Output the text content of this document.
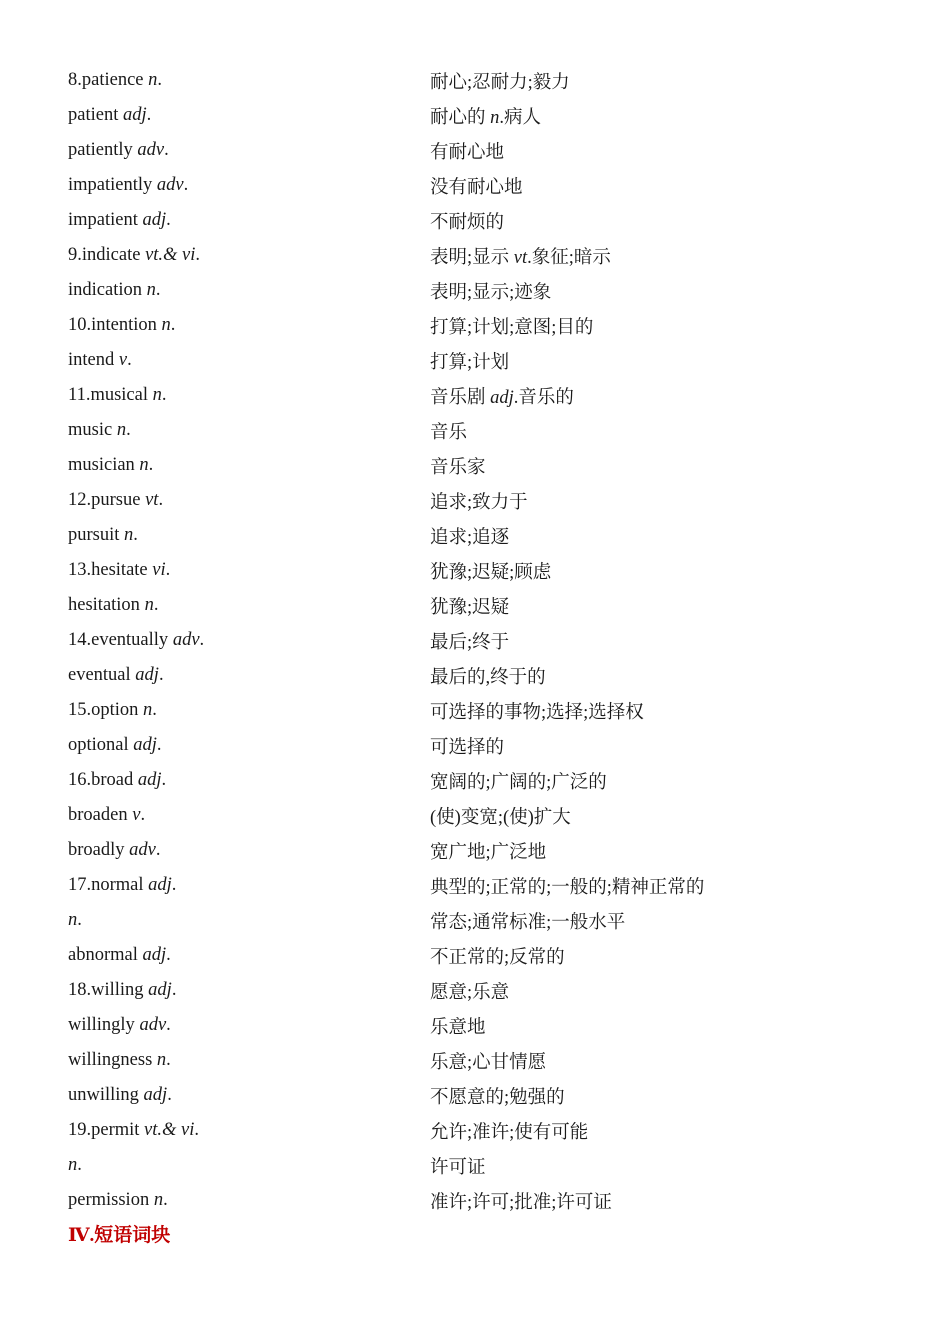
8.patience n.	耐心;忍耐力;毅力
patient adj.	耐心的 n.病人
patiently adv.	有耐心地
impatiently adv.	没有耐心地
impatient adj.	不耐烦的
9.indicate vt.& vi.	表明;显示 vt.象征;暗示
indication n.	表明;显示;迹象
10.intention n.	打算;计划;意图;目的
intend v.	打算;计划
11.musical n.	音乐剧 adj.音乐的
music n.	音乐
musician n.	音乐家
12.pursue vt.	追求;致力于
pursuit n.	追求;追逐
13.hesitate vi.	犹豫;迟疑;顾虑
hesitation n.	犹豫;迟疑
14.eventually adv.	最后;终于
eventual adj.	最后的,终于的
15.option n.	可选择的事物;选择;选择权
optional adj.	可选择的
16.broad adj.	宽阔的;广阔的;广泛的
broaden v.	(使)变宽;(使)扩大
broadly adv.	宽广地;广泛地
17.normal adj.	典型的;正常的;一般的;精神正常的
n.	常态;通常标准;一般水平
abnormal adj.	不正常的;反常的
18.willing adj.	愿意;乐意
willingly adv.	乐意地
willingness n.	乐意;心甘情愿
unwilling adj.	不愿意的;勉强的
19.permit vt.& vi.	允许;准许;使有可能
n.	许可证
permission n.	准许;许可;批准;许可证
Ⅳ.短语词块
